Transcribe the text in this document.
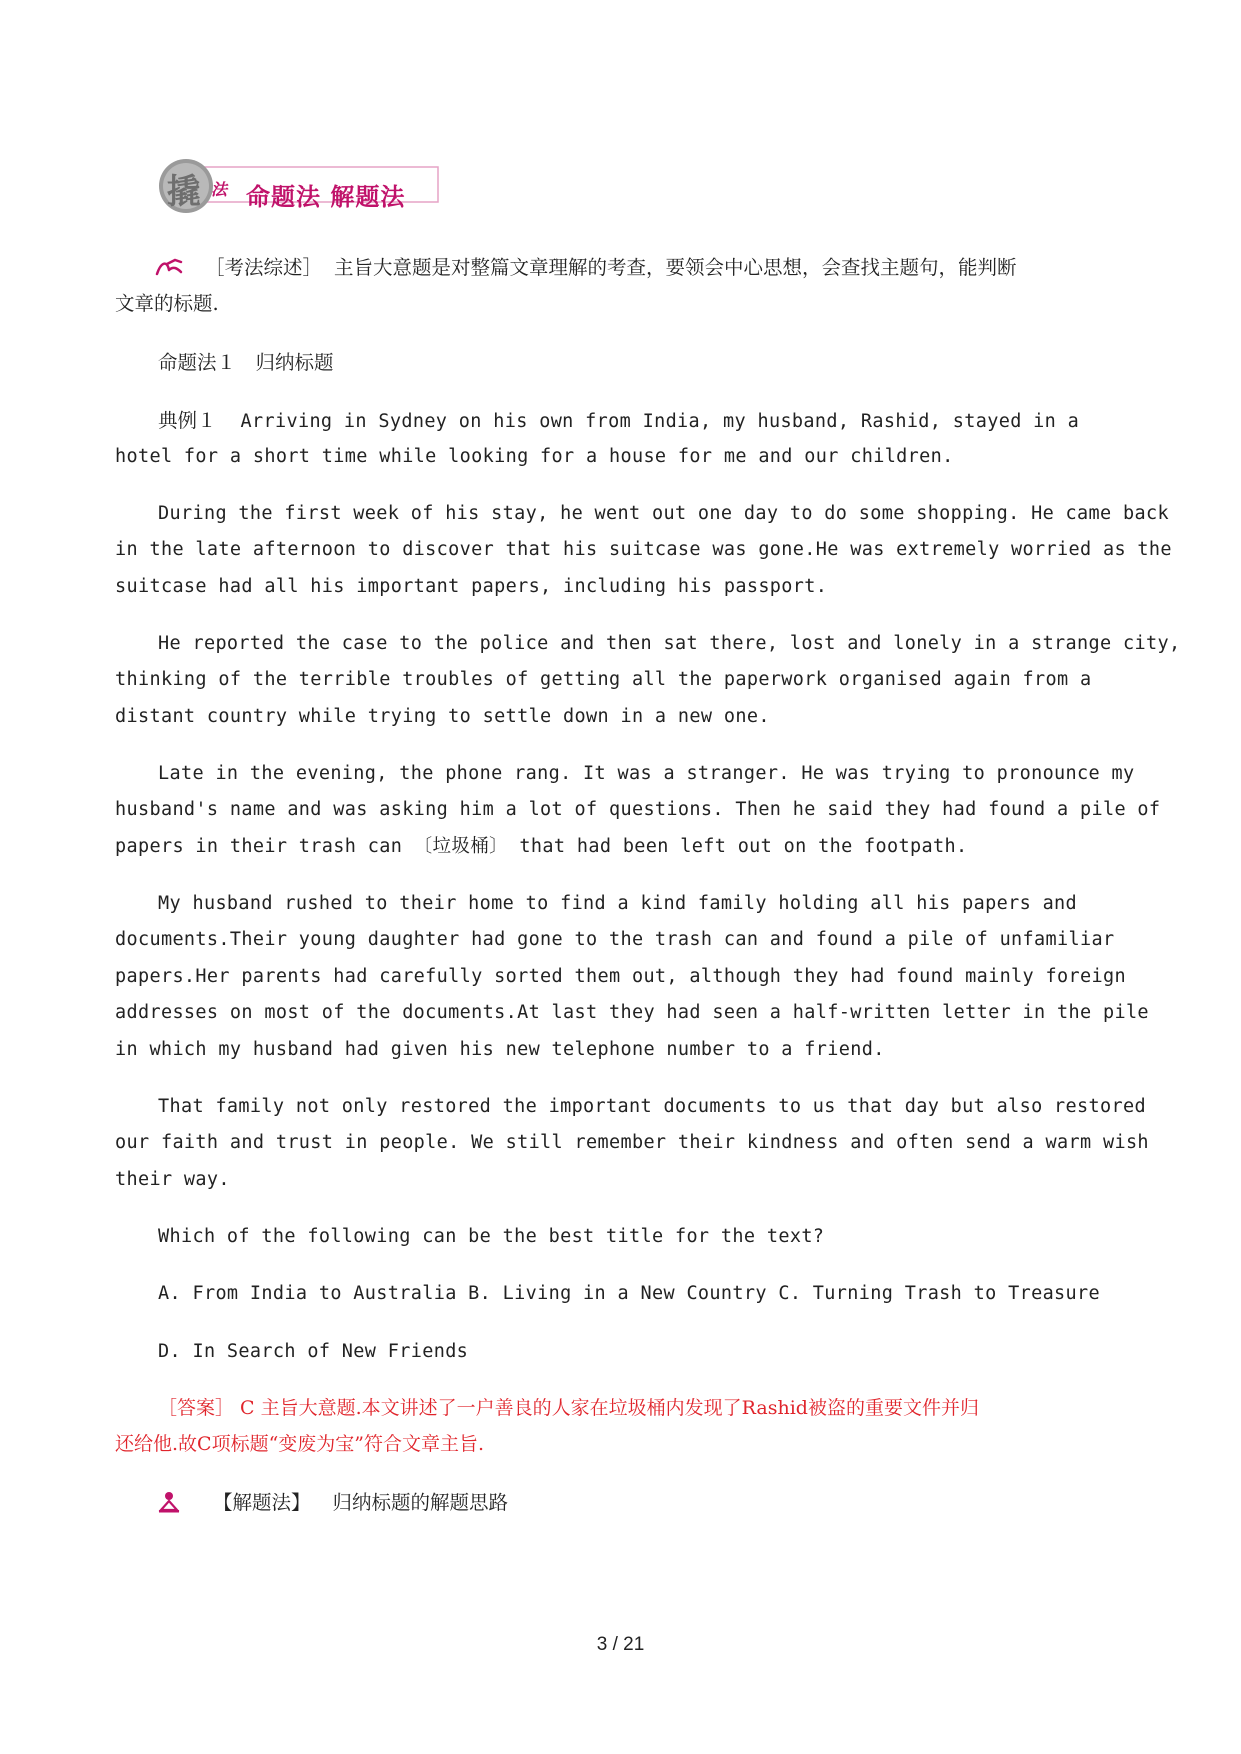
撬 法 命题法 解题法
［考法综述］ 主旨大意题是对整篇文章理解的考查，要领会中心思想，会查找主题句，能判断
文章的标题.
命题法１　归纳标题
典例１ Arriving in Sydney on his own from India, my husband, Rashid, stayed in a
hotel for a short time while looking for a house for me and our children.
During the first week of his stay, he went out one day to do some shopping. He came back
in the late afternoon to discover that his suitcase was gone.He was extremely worried as the
suitcase had all his important papers, including his passport.
He reported the case to the police and then sat there, lost and lonely in a strange city,
thinking of the terrible troubles of getting all the paperwork organised again from a
distant country while trying to settle down in a new one.
Late in the evening, the phone rang. It was a stranger. He was trying to pronounce my
husband's name and was asking him a lot of questions. Then he said they had found a pile of
papers in their trash can 〔垃圾桶〕 that had been left out on the footpath.
My husband rushed to their home to find a kind family holding all his papers and
documents.Their young daughter had gone to the trash can and found a pile of unfamiliar
papers.Her parents had carefully sorted them out, although they had found mainly foreign
addresses on most of the documents.At last they had seen a half-written letter in the pile
in which my husband had given his new telephone number to a friend.
That family not only restored the important documents to us that day but also restored
our faith and trust in people. We still remember their kindness and often send a warm wish
their way.
Which of the following can be the best title for the text?
A. From India to Australia B. Living in a New Country C. Turning Trash to Treasure
D. In Search of New Friends
［答案］ C 主旨大意题.本文讲述了一户善良的人家在垃圾桶内发现了Rashid被盗的重要文件并归
还给他.故C项标题“变废为宝”符合文章主旨.
【解题法】 归纳标题的解题思路
3 / 21
